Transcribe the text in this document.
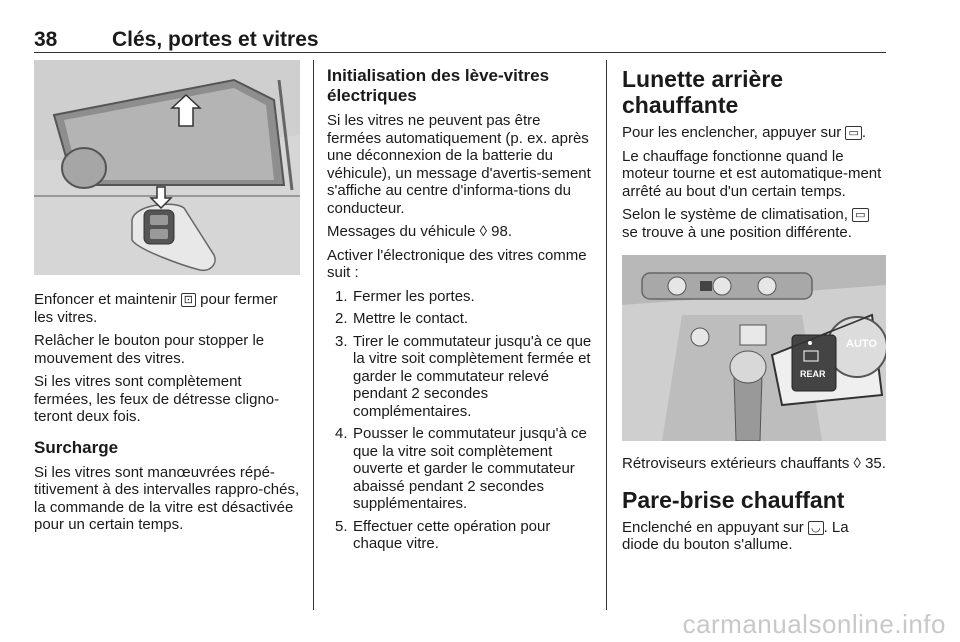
38	Clés, portes et vitres

Enfoncer et maintenir ⊡ pour fermer les vitres.

Relâcher le bouton pour stopper le mouvement des vitres.

Si les vitres sont complètement fermées, les feux de détresse cligno-teront deux fois.

Surcharge

Si les vitres sont manœuvrées répé-titivement à des intervalles rappro-chés, la commande de la vitre est désactivée pour un certain temps.

Initialisation des lève-vitres
électriques

Si les vitres ne peuvent pas être fermées automatiquement (p. ex. après une déconnexion de la batterie du véhicule), un message d'avertis-sement s'affiche au centre d'informa-tions du conducteur.

Messages du véhicule ◊ 98.

Activer l'électronique des vitres comme suit :

1. Fermer les portes.
2. Mettre le contact.
3. Tirer le commutateur jusqu'à ce que la vitre soit complètement fermée et garder le commutateur relevé pendant 2 secondes complémentaires.
4. Pousser le commutateur jusqu'à ce que la vitre soit complètement ouverte et garder le commutateur abaissé pendant 2 secondes supplémentaires.
5. Effectuer cette opération pour chaque vitre.
Lunette arrière chauffante

Pour les enclencher, appuyer sur ▭ .

Le chauffage fonctionne quand le moteur tourne et est automatique-ment arrêté au bout d'un certain temps.

Selon le système de climatisation, ▭ se trouve à une position différente.

AUTO
REAR

Rétroviseurs extérieurs chauffants ◊ 35.

Pare-brise chauffant

Enclenché en appuyant sur ◡ . La diode du bouton s'allume.

carmanualsonline.info
